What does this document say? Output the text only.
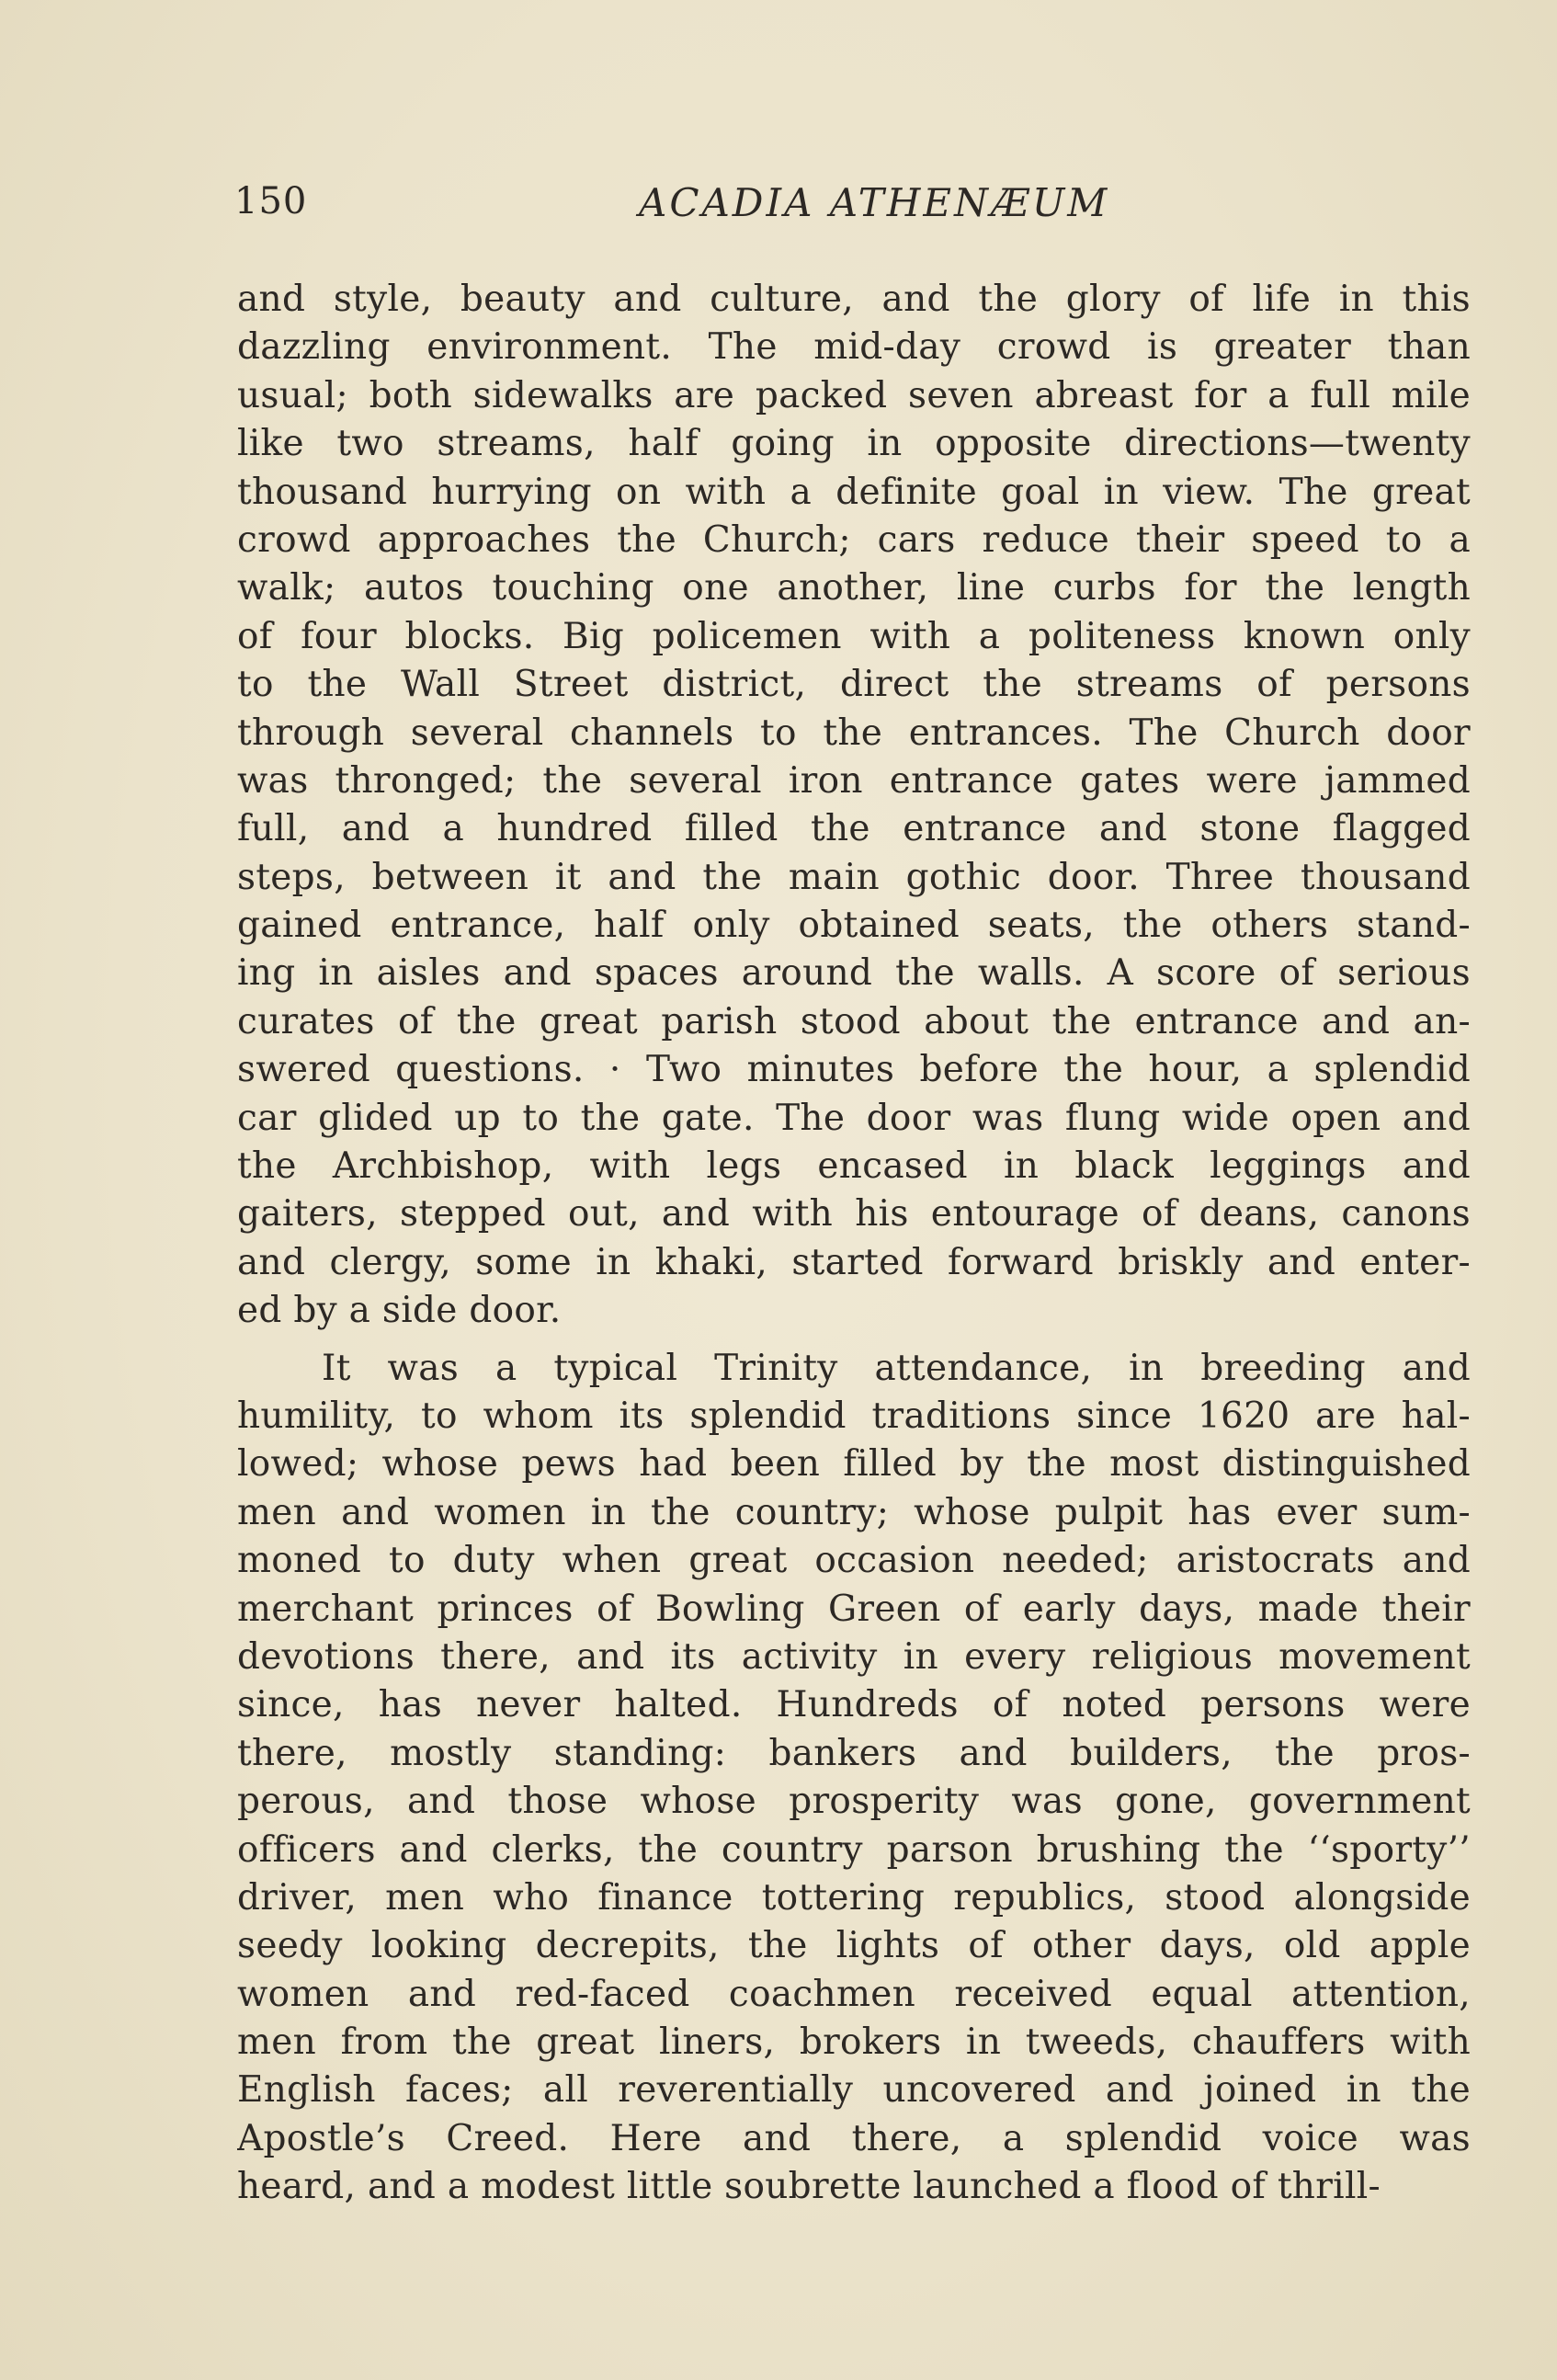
150	ACADIA ATHENÆUM
and style, beauty and culture, and the glory of life in this
dazzling environment. The mid-day crowd is greater than
usual; both sidewalks are packed seven abreast for a full mile
like two streams, half going in opposite directions—twenty
thousand hurrying on with a definite goal in view. The great
crowd approaches the Church; cars reduce their speed to a
walk; autos touching one another, line curbs for the length
of four blocks. Big policemen with a politeness known only
to the Wall Street district, direct the streams of persons
through several channels to the entrances. The Church door
was thronged; the several iron entrance gates were jammed
full, and a hundred filled the entrance and stone flagged
steps, between it and the main gothic door. Three thousand
gained entrance, half only obtained seats, the others stand-
ing in aisles and spaces around the walls. A score of serious
curates of the great parish stood about the entrance and an-
swered questions. · Two minutes before the hour, a splendid
car glided up to the gate. The door was flung wide open and
the Archbishop, with legs encased in black leggings and
gaiters, stepped out, and with his entourage of deans, canons
and clergy, some in khaki, started forward briskly and enter-
ed by a side door.
It was a typical Trinity attendance, in breeding and
humility, to whom its splendid traditions since 1620 are hal-
lowed; whose pews had been filled by the most distinguished
men and women in the country; whose pulpit has ever sum-
moned to duty when great occasion needed; aristocrats and
merchant princes of Bowling Green of early days, made their
devotions there, and its activity in every religious movement
since, has never halted. Hundreds of noted persons were
there, mostly standing: bankers and builders, the pros-
perous, and those whose prosperity was gone, government
officers and clerks, the country parson brushing the ‘‘sporty’’
driver, men who finance tottering republics, stood alongside
seedy looking decrepits, the lights of other days, old apple
women and red-faced coachmen received equal attention,
men from the great liners, brokers in tweeds, chauffers with
English faces; all reverentially uncovered and joined in the
Apostle’s Creed. Here and there, a splendid voice was
heard, and a modest little soubrette launched a flood of thrill-
